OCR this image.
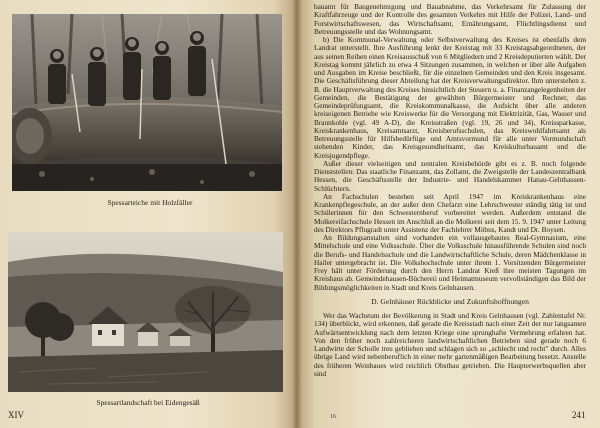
Spessarteiche mit Holzfäller
Spessartlandschaft bei Eidengesäß
XIV

bauamt für Baugenehmigung und Bauabnahme, das Verkehrsamt für Zulassung der Kraftfahrzeuge und der Kontrolle des gesamten Verkehrs mit Hilfe der Polizei, Land- und Forstwirtschaftswesen, das Wirtschaftsamt, Ernährungsamt, Flüchtlingsdienst und Betreuungsstelle und das Wohnungsamt.

b) Die Kommunal-Verwaltung oder Selbstverwaltung des Kreises ist ebenfalls dem Landrat unterstellt. Ihre Ausführung lenkt der Kreistag mit 33 Kreistagsabgeordneten, der aus seinen Reihen einen Kreisausschuß von 6 Mitgliedern und 2 Kreisdeputierten wählt. Der Kreistag kommt jährlich zu etwa 4 Sitzungen zusammen, in welchen er über alle Aufgaben und Ausgaben im Kreise beschließt, für die einzelnen Gemeinden und den Kreis insgesamt. Die Geschäftsführung dieser Abteilung hat der Kreisverwaltungsdirektor. Ihm unterstehen z. B. die Hauptverwaltung des Kreises hinsichtlich der Steuern u. a. Finanzangelegenheiten der Gemeinden, die Bestätigung der gewählten Bürgermeister und Rechner, das Gemeindeprüfungsamt, die Kreiskommunalkasse, die Aufsicht über alle anderen kreiseigenen Betriebe wie Kreiswerke für die Versorgung mit Elektrizität, Gas, Wasser und Braunkohle (vgl. 49 A-D), die Kreisstraßen (vgl. 19, 26 und 34), Kreissparkasse, Kreiskrankenhaus, Kreisamtsarzt, Kreisberufsschulen, das Kreiswohlfahrtsamt als Betreuungsstelle für Hilfsbedürftige und Amtsvormund für alle unter Vormundschaft stehenden Kinder, das Kreisgesundheitsamt, das Kreiskulturbauamt und die Kreisjugendpflege.

Außer dieser vielseitigen und zentralen Kreisbehörde gibt es z. B. noch folgende Dienststellen: Das staatliche Finanzamt, das Zollamt, die Zweigstelle der Landeszentralbank Hessen, die Geschäftsstelle der Industrie- und Handelskammer Hanau-Gelnhausen-Schlüchtern.

An Fachschulen bestehen seit April 1947 im Kreiskrankenhaus eine Krankenpflegeschule, an der außer dem Chefarzt eine Lehrschwester ständig tätig ist und Schülerinnen für den Schwesternberuf vorbereitet werden. Außerdem entstand die Molkereifachschule Hessen im Anschluß an die Molkerei seit dem 15. 9. 1947 unter Leitung des Direktors Pflugradt unter Assistenz der Fachlehrer Möbus, Kandt und Dr. Boysen.

An Bildungsanstalten sind vorhanden ein vollausgebautes Real-Gymnasium, eine Mittelschule und eine Volksschule. Über die Volksschule hinausführende Schulen sind noch die Berufs- und Handelsschule und die Landwirtschaftliche Schule, deren Mädchenklasse in Hailer untergebracht ist. Die Volkshochschule unter ihrem 1. Vorsitzenden Bürgermeister Frey hält unter Förderung durch den Herrn Landrat Kreß ihre meisten Tagungen im Kreishaus ab. Gemeindehausen-Büchereii und Heimatmuseum vervollständigen das Bild der Bildungsmöglichkeiten in Stadt und Kreis Gelnhausen.

D. Gelnhäuser Rückblicke und Zukunftshoffnungen

Wer das Wachstum der Bevölkerung in Stadt und Kreis Gelnhausen (vgl. Zahlentafel Nr. 134) überblickt, wird erkennen, daß gerade die Kreisstadt nach einer Zeit der nur langsamen Aufwärtsentwicklung nach dem letzten Kriege eine sprunghafte Vermehrung erfahren hat. Von den früher noch zahlreicheren landwirtschaftlichen Betrieben sind gerade noch 6 Landwirte der Scholle treu geblieben und schlagen sich so „schlecht und recht" durch. Alles übrige Land wird nebenberuflich in einer mehr gartenmäßigen Bearbeitung besetzt. Anstelle des früheren Weinbaues wird reichlich Obstbau getrieben. Die Haupterwerbsquellen aber sind

16	241
